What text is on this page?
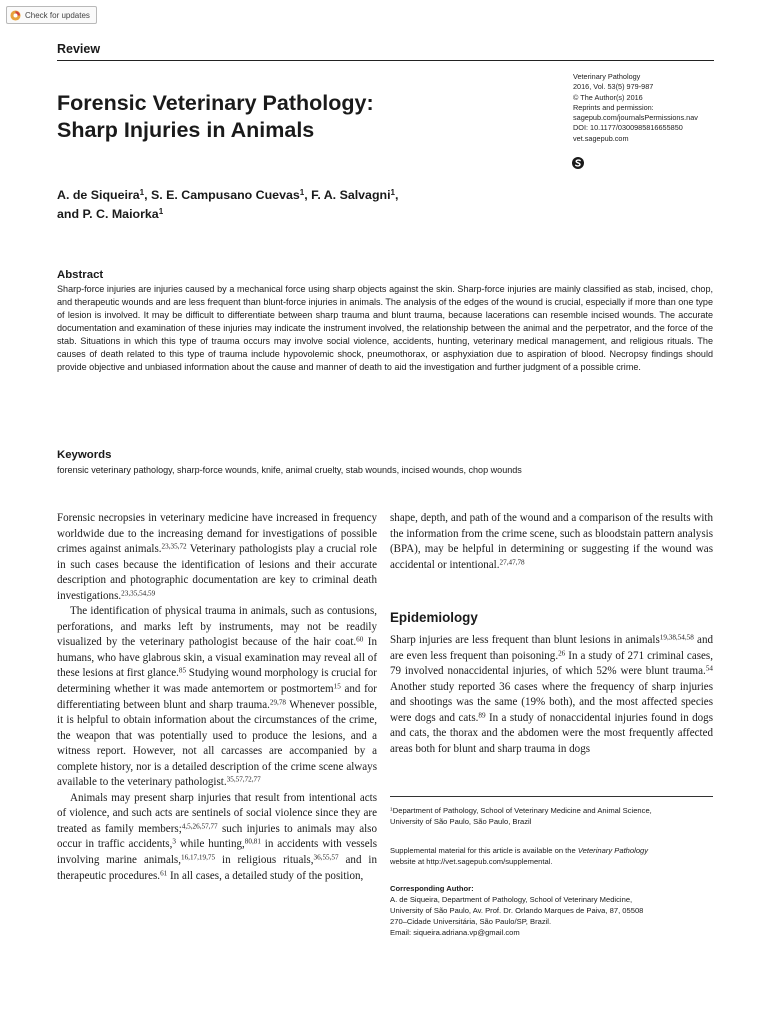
Check for updates
Review
Forensic Veterinary Pathology:
Sharp Injuries in Animals
Veterinary Pathology
2016, Vol. 53(5) 979-987
© The Author(s) 2016
Reprints and permission:
sagepub.com/journalsPermissions.nav
DOI: 10.1177/0300985816655850
vet.sagepub.com
A. de Siqueira$^1$, S. E. Campusano Cuevas$^1$, F. A. Salvagni$^1$,
and P. C. Maiorka$^1$
Abstract
Sharp-force injuries are injuries caused by a mechanical force using sharp objects against the skin. Sharp-force injuries are mainly classified as stab, incised, chop, and therapeutic wounds and are less frequent than blunt-force injuries in animals. The analysis of the edges of the wound is crucial, especially if more than one type of lesion is involved. It may be difficult to differentiate between sharp trauma and blunt trauma, because lacerations can resemble incised wounds. The accurate documentation and examination of these injuries may indicate the instrument involved, the relationship between the animal and the perpetrator, and the force of the stab. Situations in which this type of trauma occurs may involve social violence, accidents, hunting, veterinary medical management, and religious rituals. The causes of death related to this type of trauma include hypovolemic shock, pneumothorax, or asphyxiation due to aspiration of blood. Necropsy findings should provide objective and unbiased information about the cause and manner of death to aid the investigation and further judgment of a possible crime.
Keywords
forensic veterinary pathology, sharp-force wounds, knife, animal cruelty, stab wounds, incised wounds, chop wounds

Forensic necropsies in veterinary medicine have increased in frequency worldwide due to the increasing demand for investigations of possible crimes against animals.$^{23,35,72}$ Veterinary pathologists play a crucial role in such cases because the identification of lesions and their accurate description and photographic documentation are key to criminal death investigations.$^{23,35,54,59}$

The identification of physical trauma in animals, such as contusions, perforations, and marks left by instruments, may not be readily visualized by the veterinary pathologist because of the hair coat.$^{60}$ In humans, who have glabrous skin, a visual examination may reveal all of these lesions at first glance.$^{85}$ Studying wound morphology is crucial for determining whether it was made antemortem or postmortem$^{15}$ and for differentiating between blunt and sharp trauma.$^{29,78}$ Whenever possible, it is helpful to obtain information about the circumstances of the crime, the weapon that was potentially used to produce the lesions, and a witness report. However, not all carcasses are accompanied by a complete history, nor is a detailed description of the crime scene always available to the veterinary pathologist.$^{35,57,72,77}$

Animals may present sharp injuries that result from intentional acts of violence, and such acts are sentinels of social violence since they are treated as family members;$^{4,5,26,57,77}$ such injuries to animals may also occur in traffic accidents,$^3$ while hunting,$^{80,81}$ in accidents with vessels involving marine animals,$^{16,17,19,75}$ in religious rituals,$^{36,55,57}$ and in therapeutic procedures.$^{61}$ In all cases, a detailed study of the position,

shape, depth, and path of the wound and a comparison of the results with the information from the crime scene, such as bloodstain pattern analysis (BPA), may be helpful in determining or suggesting if the wound was accidental or intentional.$^{27,47,78}$

Epidemiology

Sharp injuries are less frequent than blunt lesions in animals$^{19,38,54,58}$ and are even less frequent than poisoning.$^{26}$ In a study of 271 criminal cases, 79 involved nonaccidental injuries, of which 52% were blunt trauma.$^{54}$ Another study reported 36 cases where the frequency of sharp injuries and shootings was the same (19% both), and the most affected species were dogs and cats.$^{89}$ In a study of nonaccidental injuries found in dogs and cats, the thorax and the abdomen were the most frequently affected areas both for blunt and sharp trauma in dogs

$^1$Department of Pathology, School of Veterinary Medicine and Animal Science,
University of São Paulo, São Paulo, Brazil
Supplemental material for this article is available on the Veterinary Pathology
website at http://vet.sagepub.com/supplemental.
Corresponding Author:
A. de Siqueira, Department of Pathology, School of Veterinary Medicine,
University of São Paulo, Av. Prof. Dr. Orlando Marques de Paiva, 87, 05508
270–Cidade Universitária, São Paulo/SP, Brazil.
Email: siqueira.adriana.vp@gmail.com
